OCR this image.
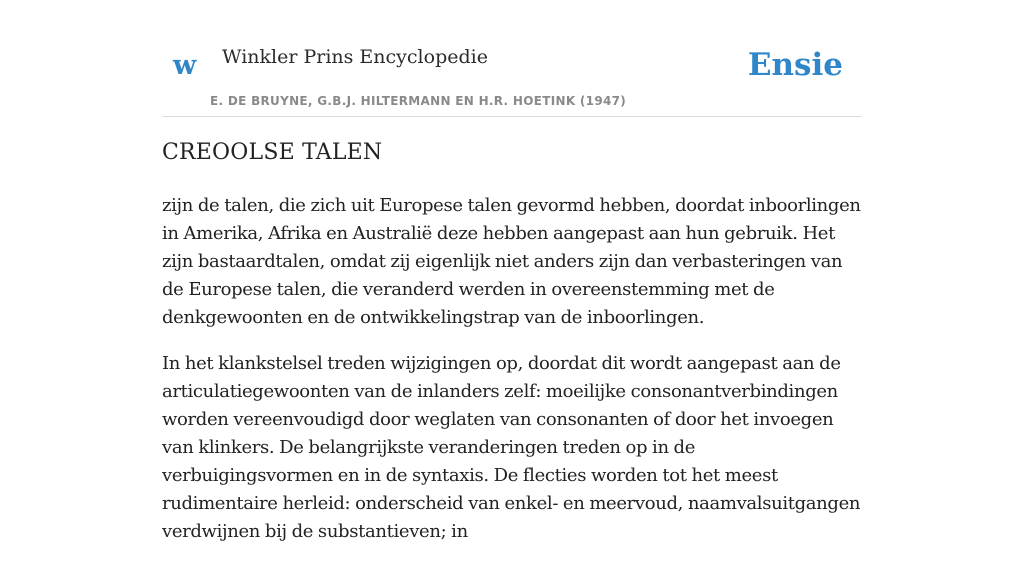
w Winkler Prins Encyclopedie
E. DE BRUYNE, G.B.J. HILTERMANN EN H.R. HOETINK (1947)
Ensie
CREOOLSE TALEN

zijn de talen, die zich uit Europese talen gevormd hebben, doordat inboorlingen in Amerika, Afrika en Australië deze hebben aangepast aan hun gebruik. Het zijn bastaardtalen, omdat zij eigenlijk niet anders zijn dan verbasteringen van de Europese talen, die veranderd werden in overeenstemming met de denkgewoonten en de ontwikkelingstrap van de inboorlingen.

In het klankstelsel treden wijzigingen op, doordat dit wordt aangepast aan de articulatiegewoonten van de inlanders zelf: moeilijke consonantverbindingen worden vereenvoudigd door weglaten van consonanten of door het invoegen van klinkers. De belangrijkste veranderingen treden op in de verbuigingsvormen en in de syntaxis. De flecties worden tot het meest rudimentaire herleid: onderscheid van enkel- en meervoud, naamvalsuitgangen verdwijnen bij de substantieven; in
